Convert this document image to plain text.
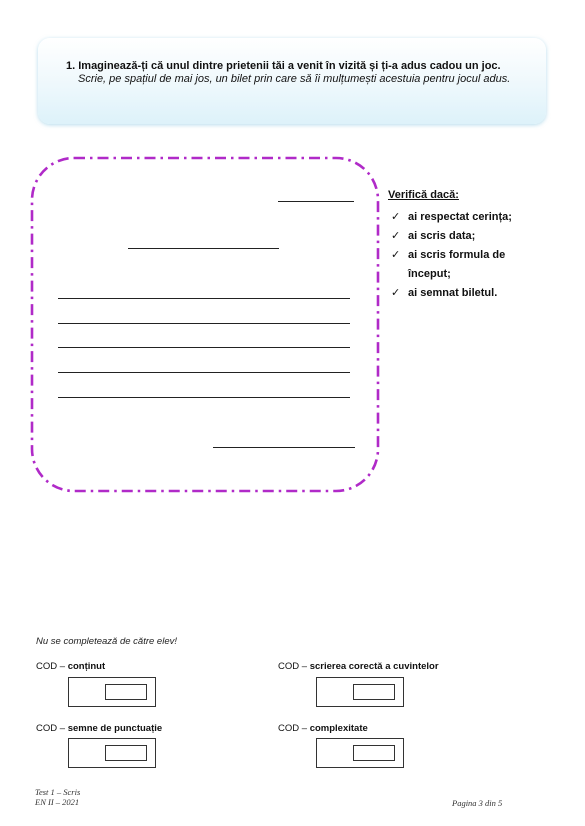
1. Imaginează-ți că unul dintre prietenii tăi a venit în vizită și ți-a adus cadou un joc.
Scrie, pe spațiul de mai jos, un bilet prin care să îi mulțumești acestuia pentru jocul adus.
Verifică dacă:
✓ ai respectat cerința;
✓ ai scris data;
✓ ai scris formula de început;
✓ ai semnat biletul.
Nu se completează de către elev!
COD – conținut	COD – scrierea corectă a cuvintelor
COD – semne de punctuație	COD – complexitate
Test 1 – Scris
EN II – 2021	Pagina 3 din 5
